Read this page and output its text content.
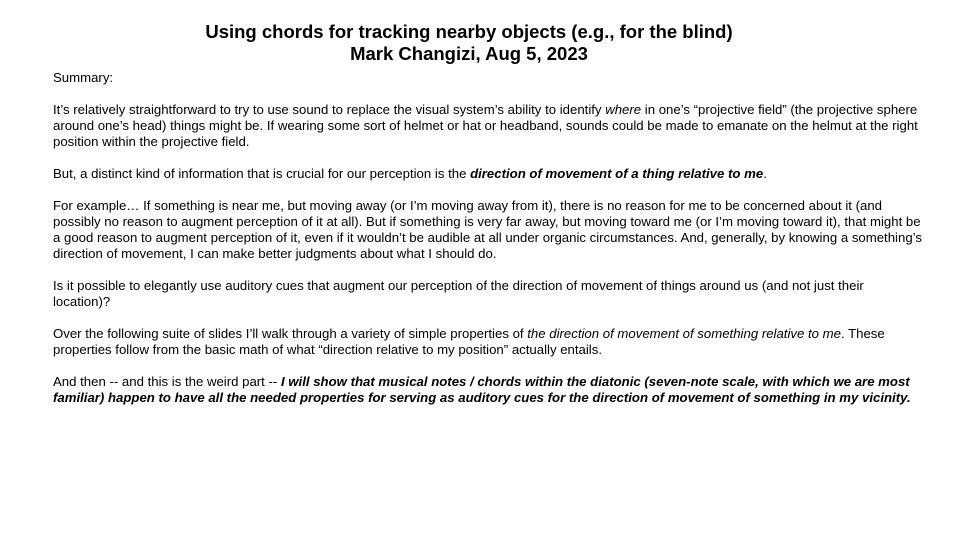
Using chords for tracking nearby objects (e.g., for the blind)
Mark Changizi, Aug 5, 2023

Summary:

It’s relatively straightforward to try to use sound to replace the visual system’s ability to identify where in one’s “projective field” (the projective sphere around one’s head) things might be. If wearing some sort of helmet or hat or headband, sounds could be made to emanate on the helmut at the right position within the projective field.

But, a distinct kind of information that is crucial for our perception is the direction of movement of a thing relative to me.

For example… If something is near me, but moving away (or I’m moving away from it), there is no reason for me to be concerned about it (and possibly no reason to augment perception of it at all). But if something is very far away, but moving toward me (or I’m moving toward it), that might be a good reason to augment perception of it, even if it wouldn’t be audible at all under organic circumstances. And, generally, by knowing a something’s direction of movement, I can make better judgments about what I should do.

Is it possible to elegantly use auditory cues that augment our perception of the direction of movement of things around us (and not just their location)?

Over the following suite of slides I’ll walk through a variety of simple properties of the direction of movement of something relative to me. These properties follow from the basic math of what “direction relative to my position” actually entails.

And then -- and this is the weird part -- I will show that musical notes / chords within the diatonic (seven-note scale, with which we are most familiar) happen to have all the needed properties for serving as auditory cues for the direction of movement of something in my vicinity.
